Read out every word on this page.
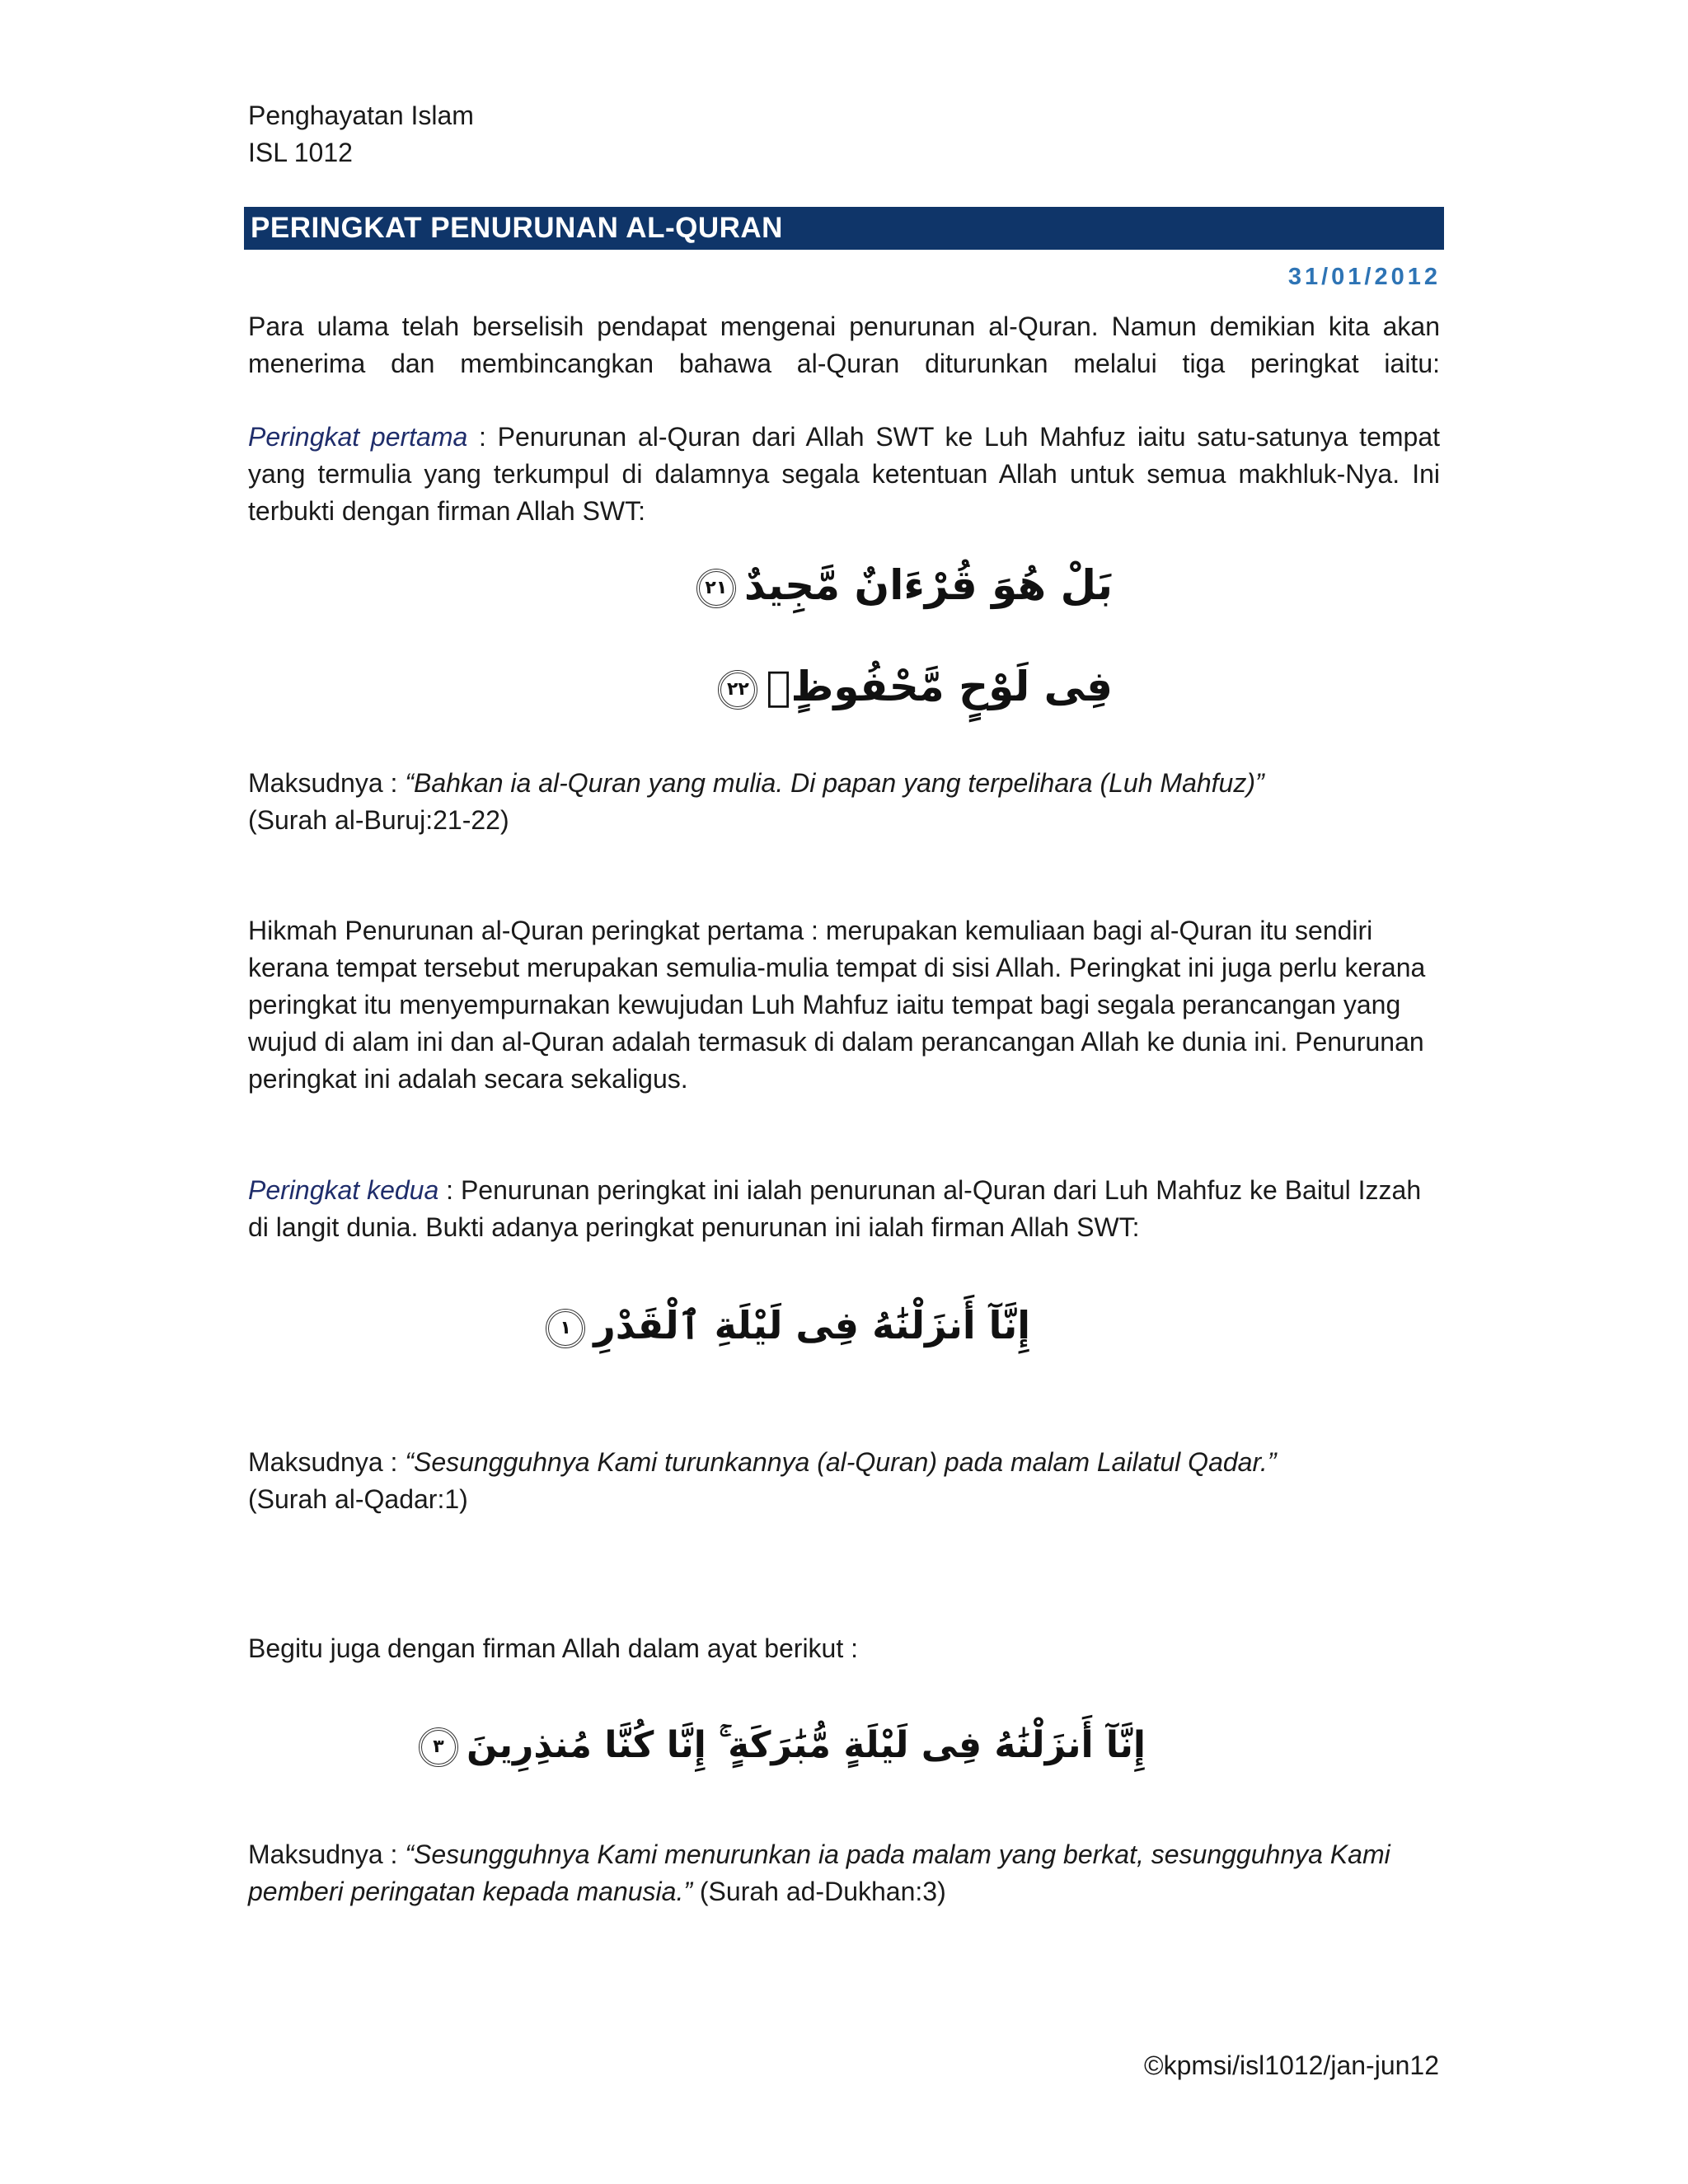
Penghayatan Islam
ISL 1012
PERINGKAT PENURUNAN AL-QURAN
31/01/2012
Para ulama telah berselisih pendapat mengenai penurunan al-Quran. Namun demikian kita akan menerima dan membincangkan bahawa al-Quran diturunkan melalui tiga peringkat iaitu:
Peringkat pertama : Penurunan al-Quran dari Allah SWT ke Luh Mahfuz iaitu satu-satunya tempat yang termulia yang terkumpul di dalamnya segala ketentuan Allah untuk semua makhluk-Nya. Ini terbukti dengan firman Allah SWT:
بَلْ هُوَ قُرْءَانٌ مَّجِيدٌ٢١
فِى لَوْحٍ مَّحْفُوظٍۭ٢٢
Maksudnya : “Bahkan ia al-Quran yang mulia. Di papan yang terpelihara (Luh Mahfuz)”
(Surah al-Buruj:21-22)
Hikmah Penurunan al-Quran peringkat pertama : merupakan kemuliaan bagi al-Quran itu sendiri kerana tempat tersebut merupakan semulia-mulia tempat di sisi Allah. Peringkat ini juga perlu kerana peringkat itu menyempurnakan kewujudan Luh Mahfuz iaitu tempat bagi segala perancangan yang wujud di alam ini dan al-Quran adalah termasuk di dalam perancangan Allah ke dunia ini. Penurunan peringkat ini adalah secara sekaligus.
Peringkat kedua : Penurunan peringkat ini ialah penurunan al-Quran dari Luh Mahfuz ke Baitul Izzah di langit dunia. Bukti adanya peringkat penurunan ini ialah firman Allah SWT:
إِنَّآ أَنزَلْنَٰهُ فِى لَيْلَةِ ٱلْقَدْرِ١
Maksudnya : “Sesungguhnya Kami turunkannya (al-Quran) pada malam Lailatul Qadar.”
(Surah al-Qadar:1)
Begitu juga dengan firman Allah dalam ayat berikut :
إِنَّآ أَنزَلْنَٰهُ فِى لَيْلَةٍ مُّبَٰرَكَةٍ ۚ إِنَّا كُنَّا مُنذِرِينَ٣
Maksudnya : “Sesungguhnya Kami menurunkan ia pada malam yang berkat, sesungguhnya Kami pemberi peringatan kepada manusia.” (Surah ad-Dukhan:3)
©kpmsi/isl1012/jan-jun12
